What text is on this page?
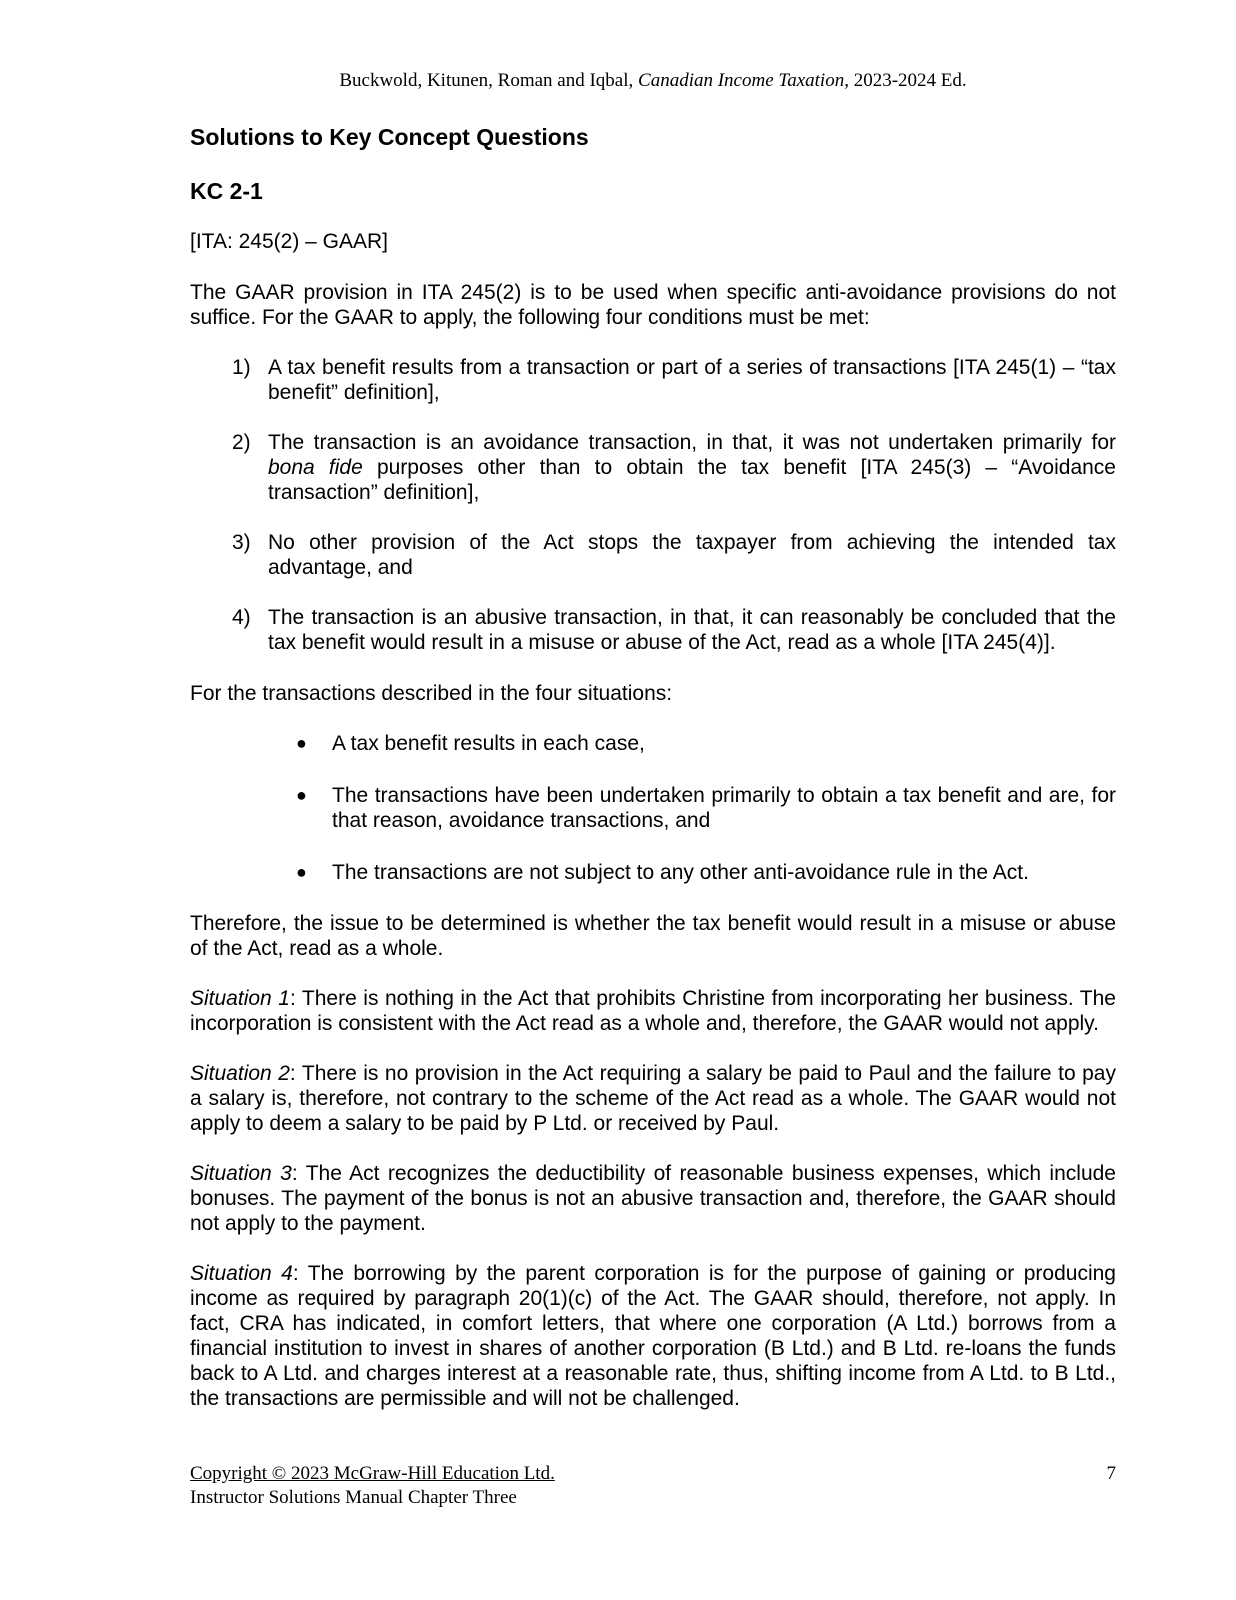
Buckwold, Kitunen, Roman and Iqbal, Canadian Income Taxation, 2023-2024 Ed.
Solutions to Key Concept Questions
KC 2-1

[ITA: 245(2) – GAAR]

The GAAR provision in ITA 245(2) is to be used when specific anti-avoidance provisions do not suffice. For the GAAR to apply, the following four conditions must be met:

1) A tax benefit results from a transaction or part of a series of transactions [ITA 245(1) – “tax benefit” definition],
2) The transaction is an avoidance transaction, in that, it was not undertaken primarily for bona fide purposes other than to obtain the tax benefit [ITA 245(3) – “Avoidance transaction” definition],
3) No other provision of the Act stops the taxpayer from achieving the intended tax advantage, and
4) The transaction is an abusive transaction, in that, it can reasonably be concluded that the tax benefit would result in a misuse or abuse of the Act, read as a whole [ITA 245(4)].

For the transactions described in the four situations:

● A tax benefit results in each case,
● The transactions have been undertaken primarily to obtain a tax benefit and are, for that reason, avoidance transactions, and
● The transactions are not subject to any other anti-avoidance rule in the Act.

Therefore, the issue to be determined is whether the tax benefit would result in a misuse or abuse of the Act, read as a whole.

Situation 1: There is nothing in the Act that prohibits Christine from incorporating her business. The incorporation is consistent with the Act read as a whole and, therefore, the GAAR would not apply.

Situation 2: There is no provision in the Act requiring a salary be paid to Paul and the failure to pay a salary is, therefore, not contrary to the scheme of the Act read as a whole. The GAAR would not apply to deem a salary to be paid by P Ltd. or received by Paul.

Situation 3: The Act recognizes the deductibility of reasonable business expenses, which include bonuses. The payment of the bonus is not an abusive transaction and, therefore, the GAAR should not apply to the payment.

Situation 4: The borrowing by the parent corporation is for the purpose of gaining or producing income as required by paragraph 20(1)(c) of the Act. The GAAR should, therefore, not apply. In fact, CRA has indicated, in comfort letters, that where one corporation (A Ltd.) borrows from a financial institution to invest in shares of another corporation (B Ltd.) and B Ltd. re-loans the funds back to A Ltd. and charges interest at a reasonable rate, thus, shifting income from A Ltd. to B Ltd., the transactions are permissible and will not be challenged.

Copyright © 2023 McGraw-Hill Education Ltd.
Instructor Solutions Manual Chapter Three
7
